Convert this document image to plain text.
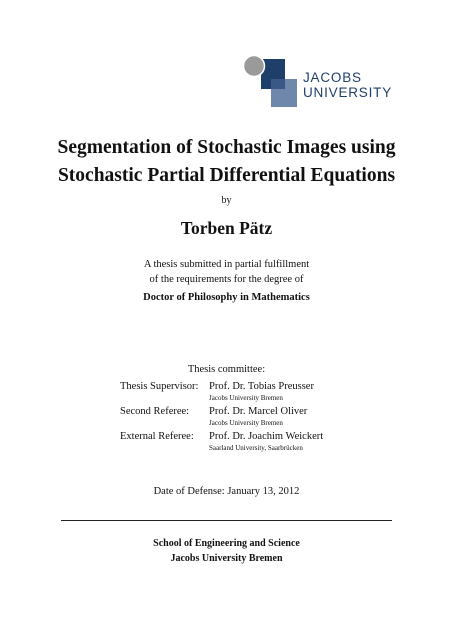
JACOBS
UNIVERSITY
Segmentation of Stochastic Images using
Stochastic Partial Differential Equations
by
Torben Pätz
A thesis submitted in partial fulfillment
of the requirements for the degree of
Doctor of Philosophy in Mathematics
Thesis committee:
Thesis Supervisor: Prof. Dr. Tobias Preusser
Jacobs University Bremen
Second Referee: Prof. Dr. Marcel Oliver
Jacobs University Bremen
External Referee: Prof. Dr. Joachim Weickert
Saarland University, Saarbrücken
Date of Defense: January 13, 2012
School of Engineering and Science
Jacobs University Bremen
